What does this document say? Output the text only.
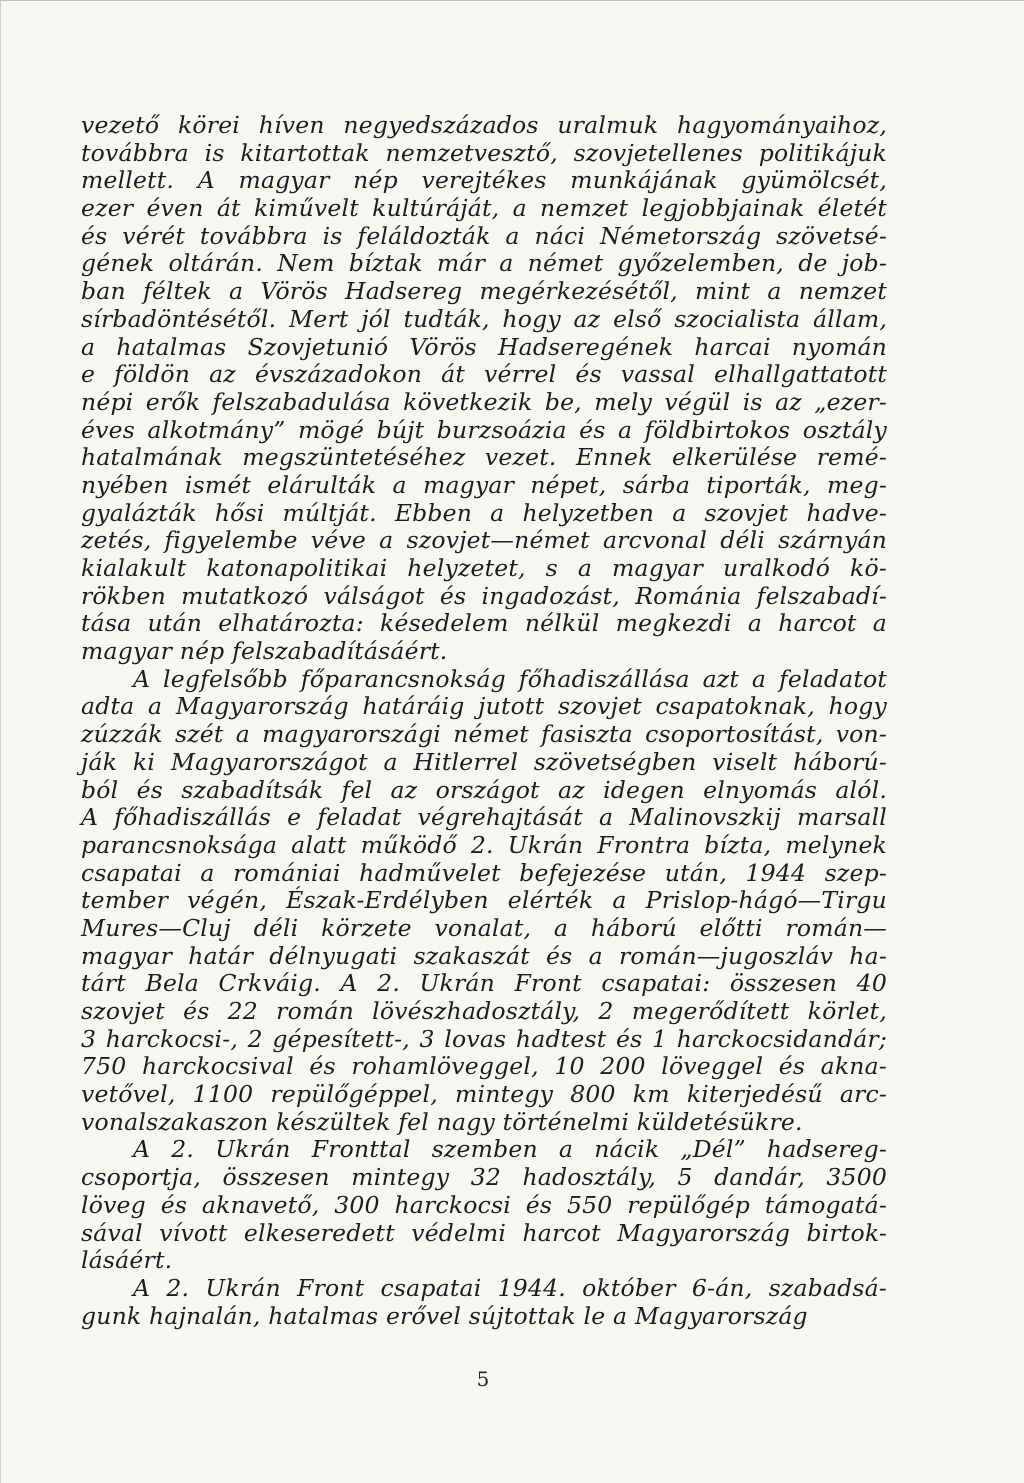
vezető körei híven negyedszázados uralmuk hagyományaihoz,
továbbra is kitartottak nemzetvesztő, szovjetellenes politikájuk
mellett. A magyar nép verejtékes munkájának gyümölcsét,
ezer éven át kiművelt kultúráját, a nemzet legjobbjainak életét
és vérét továbbra is feláldozták a náci Németország szövetsé-
gének oltárán. Nem bíztak már a német győzelemben, de job-
ban féltek a Vörös Hadsereg megérkezésétől, mint a nemzet
sírbadöntésétől. Mert jól tudták, hogy az első szocialista állam,
a hatalmas Szovjetunió Vörös Hadseregének harcai nyomán
e földön az évszázadokon át vérrel és vassal elhallgattatott
népi erők felszabadulása következik be, mely végül is az „ezer-
éves alkotmány” mögé bújt burzsoázia és a földbirtokos osztály
hatalmának megszüntetéséhez vezet. Ennek elkerülése remé-
nyében ismét elárulták a magyar népet, sárba tiporták, meg-
gyalázták hősi múltját. Ebben a helyzetben a szovjet hadve-
zetés, figyelembe véve a szovjet—német arcvonal déli szárnyán
kialakult katonapolitikai helyzetet, s a magyar uralkodó kö-
rökben mutatkozó válságot és ingadozást, Románia felszabadí-
tása után elhatározta: késedelem nélkül megkezdi a harcot a
magyar nép felszabadításáért.
A legfelsőbb főparancsnokság főhadiszállása azt a feladatot
adta a Magyarország határáig jutott szovjet csapatoknak, hogy
zúzzák szét a magyarországi német fasiszta csoportosítást, von-
ják ki Magyarországot a Hitlerrel szövetségben viselt háború-
ból és szabadítsák fel az országot az idegen elnyomás alól.
A főhadiszállás e feladat végrehajtását a Malinovszkij marsall
parancsnoksága alatt működő 2. Ukrán Frontra bízta, melynek
csapatai a romániai hadművelet befejezése után, 1944 szep-
tember végén, Észak-Erdélyben elérték a Prislop-hágó—Tirgu
Mures—Cluj déli körzete vonalat, a háború előtti román—
magyar határ délnyugati szakaszát és a román—jugoszláv ha-
tárt Bela Crkváig. A 2. Ukrán Front csapatai: összesen 40
szovjet és 22 román lövészhadosztály, 2 megerődített körlet,
3 harckocsi-, 2 gépesített-, 3 lovas hadtest és 1 harckocsidandár;
750 harckocsival és rohamlöveggel, 10 200 löveggel és akna-
vetővel, 1100 repülőgéppel, mintegy 800 km kiterjedésű arc-
vonalszakaszon készültek fel nagy történelmi küldetésükre.
A 2. Ukrán Fronttal szemben a nácik „Dél” hadsereg-
csoportja, összesen mintegy 32 hadosztály, 5 dandár, 3500
löveg és aknavető, 300 harckocsi és 550 repülőgép támogatá-
sával vívott elkeseredett védelmi harcot Magyarország birtok-
lásáért.
A 2. Ukrán Front csapatai 1944. október 6-án, szabadsá-
gunk hajnalán, hatalmas erővel sújtottak le a Magyarország
5
